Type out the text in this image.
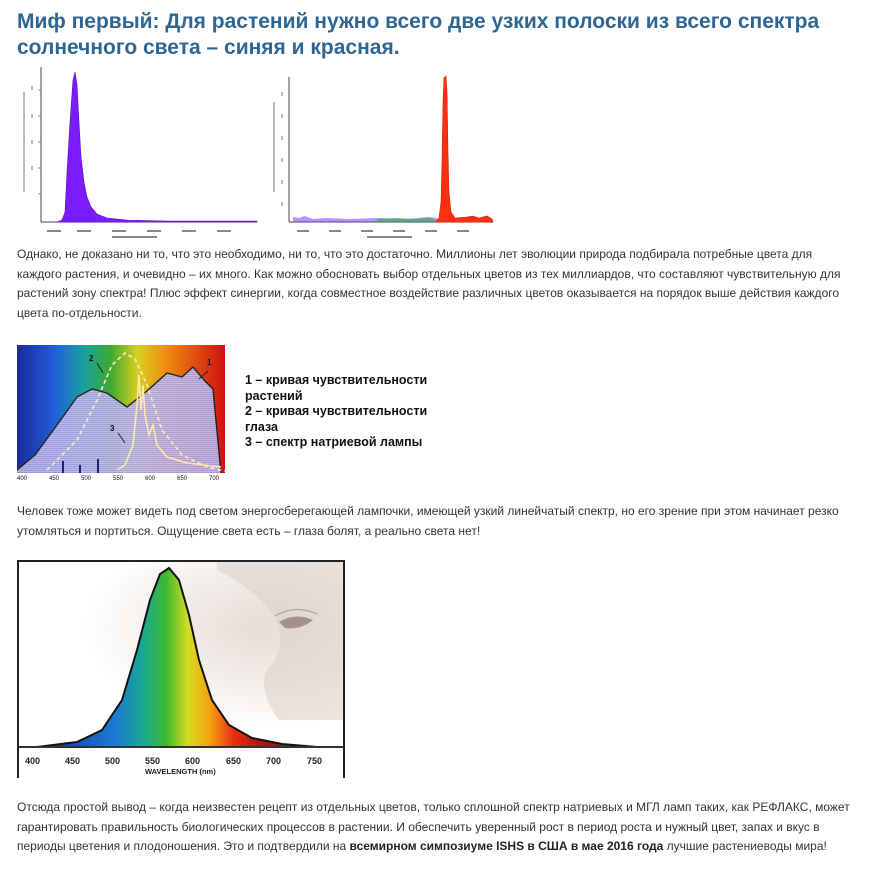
Миф первый: Для растений нужно всего две узких полоски из всего спектра солнечного света – синяя и красная.

Однако, не доказано ни то, что это необходимо, ни то, что это достаточно. Миллионы лет эволюции природа подбирала потребные цвета для каждого растения, и очевидно – их много. Как можно обосновать выбор отдельных цветов из тех миллиардов, что составляют чувствительную для растений зону спектра! Плюс эффект синергии, когда совместное воздействие различных цветов оказывается на порядок выше действия каждого цвета по-отдельности.

1
2
3
400	450	500	550	600	650	700
1 – кривая чувствительности
растений
2 – кривая чувствительности
глаза
3 – спектр натриевой лампы

Человек тоже может видеть под светом энергосберегающей лампочки, имеющей узкий линейчатый спектр, но его зрение при этом начинает резко утомляться и портиться. Ощущение света есть – глаза болят, а реально света нет!

400	450	500	550	600	650	700	750
WAVELENGTH (nm)

Отсюда простой вывод – когда неизвестен рецепт из отдельных цветов, только сплошной спектр натриевых и МГЛ ламп таких, как РЕФЛАКС, может гарантировать правильность биологических процессов в растении. И обеспечить уверенный рост в период роста и нужный цвет, запах и вкус в периоды цветения и плодоношения. Это и подтвердили на всемирном симпозиуме ISHS в США в мае 2016 года лучшие растениеводы мира!
